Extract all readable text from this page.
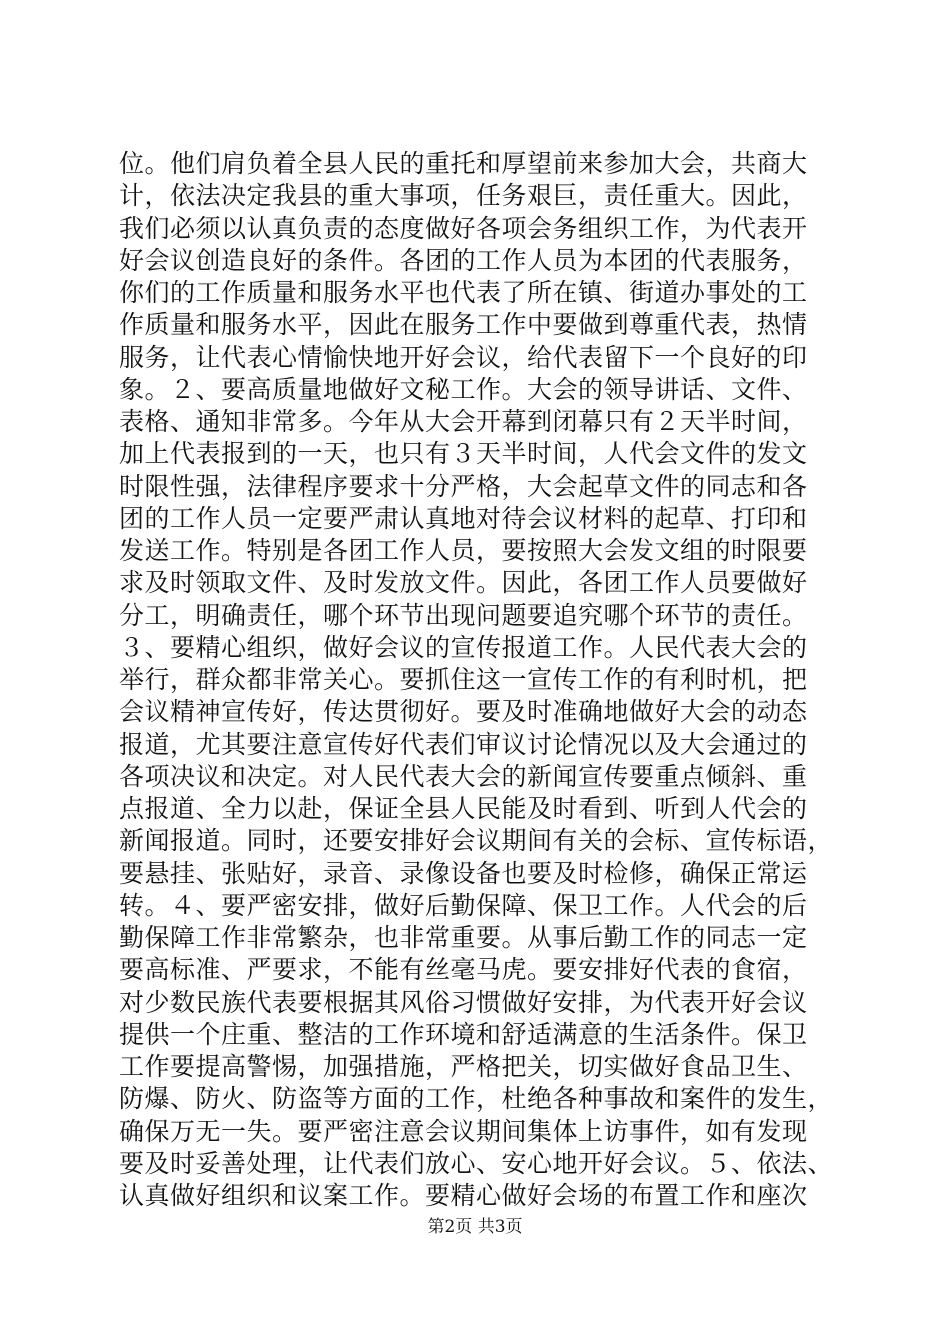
位。他们肩负着全县人民的重托和厚望前来参加大会，共商大
计，依法决定我县的重大事项，任务艰巨，责任重大。因此，
我们必须以认真负责的态度做好各项会务组织工作，为代表开
好会议创造良好的条件。各团的工作人员为本团的代表服务，
你们的工作质量和服务水平也代表了所在镇、街道办事处的工
作质量和服务水平，因此在服务工作中要做到尊重代表，热情
服务，让代表心情愉快地开好会议，给代表留下一个良好的印
象。２、要高质量地做好文秘工作。大会的领导讲话、文件、
表格、通知非常多。今年从大会开幕到闭幕只有２天半时间，
加上代表报到的一天，也只有３天半时间，人代会文件的发文
时限性强，法律程序要求十分严格，大会起草文件的同志和各
团的工作人员一定要严肃认真地对待会议材料的起草、打印和
发送工作。特别是各团工作人员，要按照大会发文组的时限要
求及时领取文件、及时发放文件。因此，各团工作人员要做好
分工，明确责任，哪个环节出现问题要追究哪个环节的责任。
３、要精心组织，做好会议的宣传报道工作。人民代表大会的
举行，群众都非常关心。要抓住这一宣传工作的有利时机，把
会议精神宣传好，传达贯彻好。要及时准确地做好大会的动态
报道，尤其要注意宣传好代表们审议讨论情况以及大会通过的
各项决议和决定。对人民代表大会的新闻宣传要重点倾斜、重
点报道、全力以赴，保证全县人民能及时看到、听到人代会的
新闻报道。同时，还要安排好会议期间有关的会标、宣传标语，
要悬挂、张贴好，录音、录像设备也要及时检修，确保正常运
转。４、要严密安排，做好后勤保障、保卫工作。人代会的后
勤保障工作非常繁杂，也非常重要。从事后勤工作的同志一定
要高标准、严要求，不能有丝毫马虎。要安排好代表的食宿，
对少数民族代表要根据其风俗习惯做好安排，为代表开好会议
提供一个庄重、整洁的工作环境和舒适满意的生活条件。保卫
工作要提高警惕，加强措施，严格把关，切实做好食品卫生、
防爆、防火、防盗等方面的工作，杜绝各种事故和案件的发生，
确保万无一失。要严密注意会议期间集体上访事件，如有发现
要及时妥善处理，让代表们放心、安心地开好会议。５、依法、
认真做好组织和议案工作。要精心做好会场的布置工作和座次
第2页 共3页
